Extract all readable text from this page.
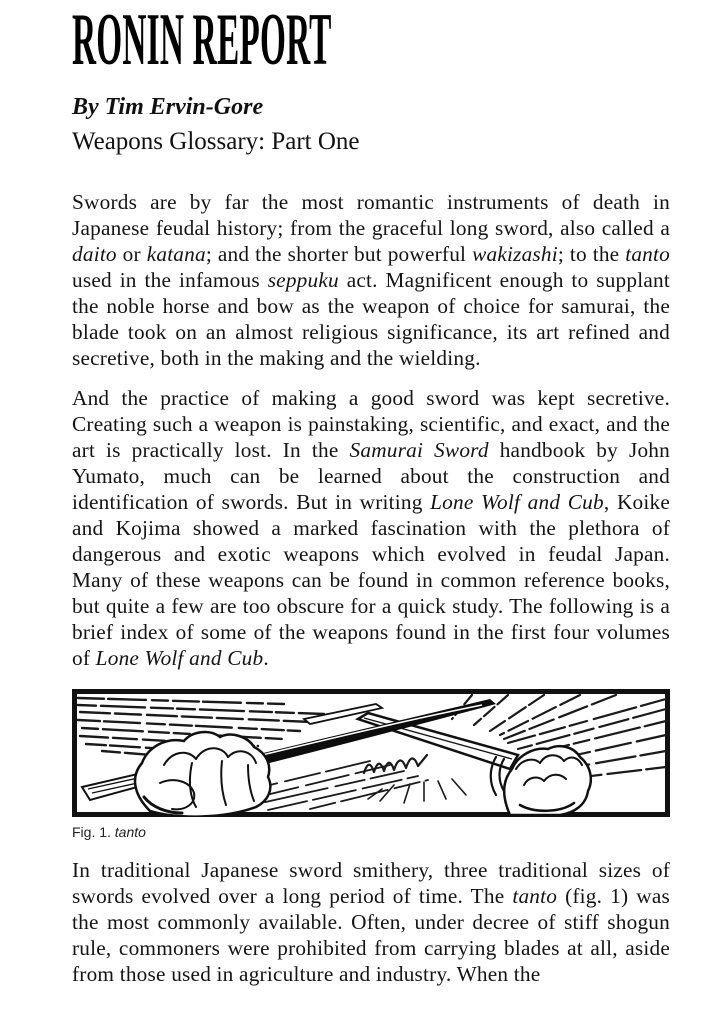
RONIN REPORT

By Tim Ervin-Gore

Weapons Glossary: Part One

Swords are by far the most romantic instruments of death in Japanese feudal history; from the graceful long sword, also called a daito or katana; and the shorter but powerful wakizashi; to the tanto used in the infamous seppuku act. Magnificent enough to supplant the noble horse and bow as the weapon of choice for samurai, the blade took on an almost religious significance, its art refined and secretive, both in the making and the wielding.

And the practice of making a good sword was kept secretive. Creating such a weapon is painstaking, scientific, and exact, and the art is practically lost. In the Samurai Sword handbook by John Yumato, much can be learned about the construction and identification of swords. But in writing Lone Wolf and Cub, Koike and Kojima showed a marked fascination with the plethora of dangerous and exotic weapons which evolved in feudal Japan. Many of these weapons can be found in common reference books, but quite a few are too obscure for a quick study. The following is a brief index of some of the weapons found in the first four volumes of Lone Wolf and Cub.

Fig. 1. tanto

In traditional Japanese sword smithery, three traditional sizes of swords evolved over a long period of time. The tanto (fig. 1) was the most commonly available. Often, under decree of stiff shogun rule, commoners were prohibited from carrying blades at all, aside from those used in agriculture and industry. When the
